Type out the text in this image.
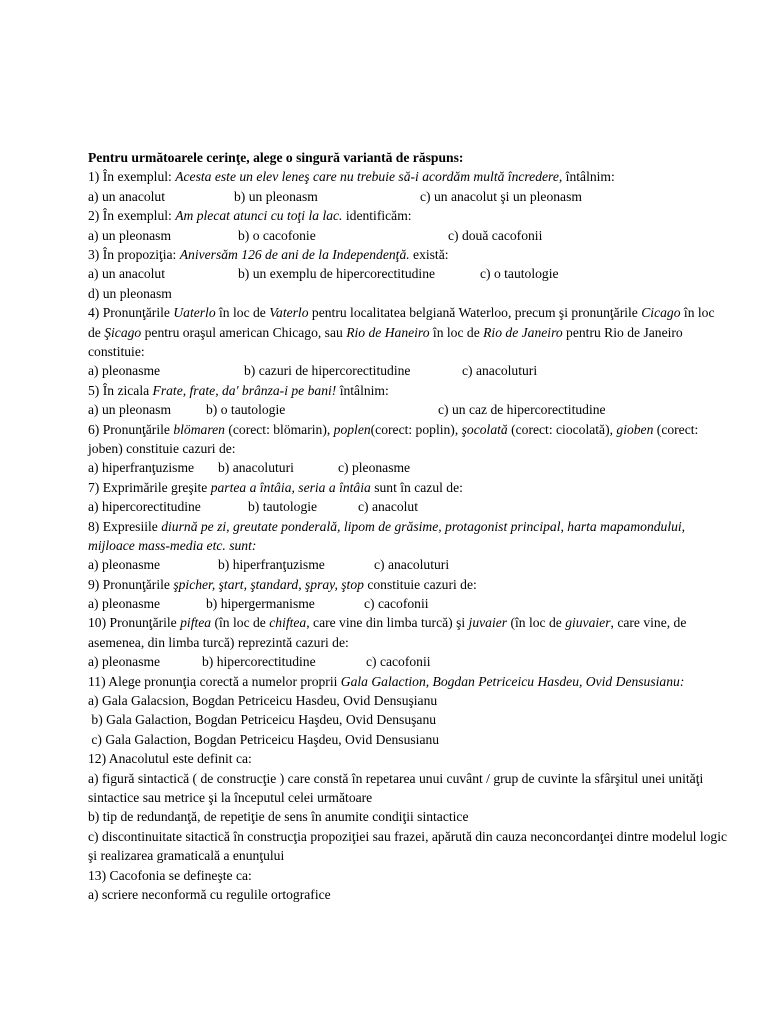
Pentru următoarele cerinţe, alege o singură variantă de răspuns:
1) În exemplul: Acesta este un elev leneş care nu trebuie să-i acordăm multă încredere, întâlnim:
a) un anacolut	b) un pleonasm	c) un anacolut şi un pleonasm
2) În exemplul: Am plecat atunci cu toţi la lac. identificăm:
a) un pleonasm	b) o cacofonie	c) două cacofonii
3) În propoziţia: Aniversăm 126 de ani de la Independenţă. există:
a) un anacolut	b) un exemplu de hipercorectitudine	c) o tautologie
d) un pleonasm
4) Pronunţările Uaterlo în loc de Vaterlo pentru localitatea belgiană Waterloo, precum şi pronunţările Cicago în loc de Şicago pentru oraşul american Chicago, sau Rio de Haneiro în loc de Rio de Janeiro pentru Rio de Janeiro constituie:
a) pleonasme	b) cazuri de hipercorectitudine	c) anacoluturi
5) În zicala Frate, frate, da' brânza-i pe bani! întâlnim:
a) un pleonasm	b) o tautologie	c) un caz de hipercorectitudine
6) Pronunţările blömaren (corect: blömarin), poplen(corect: poplin), şocolată (corect: ciocolată), gioben (corect: joben) constituie cazuri de:
a) hiperfranţuzisme b) anacoluturi	c) pleonasme
7) Exprimările greşite partea a întâia, seria a întâia sunt în cazul de:
a) hipercorectitudine	b) tautologie	c) anacolut
8) Expresiile diurnă pe zi, greutate ponderală, lipom de grăsime, protagonist principal, harta mapamondului, mijloace mass-media etc. sunt:
a) pleonasme	b) hiperfranţuzisme	c) anacoluturi
9) Pronunţările şpicher, ştart, ştandard, şpray, ştop constituie cazuri de:
a) pleonasme	b) hipergermanisme	c) cacofonii
10) Pronunţările piftea (în loc de chiftea, care vine din limba turcă) şi juvaier (în loc de giuvaier, care vine, de asemenea, din limba turcă) reprezintă cazuri de:
a) pleonasme	b) hipercorectitudine	c) cacofonii
11) Alege pronunţia corectă a numelor proprii Gala Galaction, Bogdan Petriceicu Hasdeu, Ovid Densusianu:
a) Gala Galacsion, Bogdan Petriceicu Hasdeu, Ovid Densuşianu
b) Gala Galaction, Bogdan Petriceicu Haşdeu, Ovid Densuşanu
c) Gala Galaction, Bogdan Petriceicu Haşdeu, Ovid Densusianu
12) Anacolutul este definit ca:
a) figură sintactică ( de construcţie ) care constă în repetarea unui cuvânt / grup de cuvinte la sfârşitul unei unităţi sintactice sau metrice şi la începutul celei următoare
b) tip de redundanţă, de repetiţie de sens în anumite condiţii sintactice
c) discontinuitate sitactică în construcţia propoziţiei sau frazei, apărută din cauza neconcordanţei dintre modelul logic şi realizarea gramaticală a enunţului
13) Cacofonia se defineşte ca:
a) scriere neconformă cu regulile ortografice
